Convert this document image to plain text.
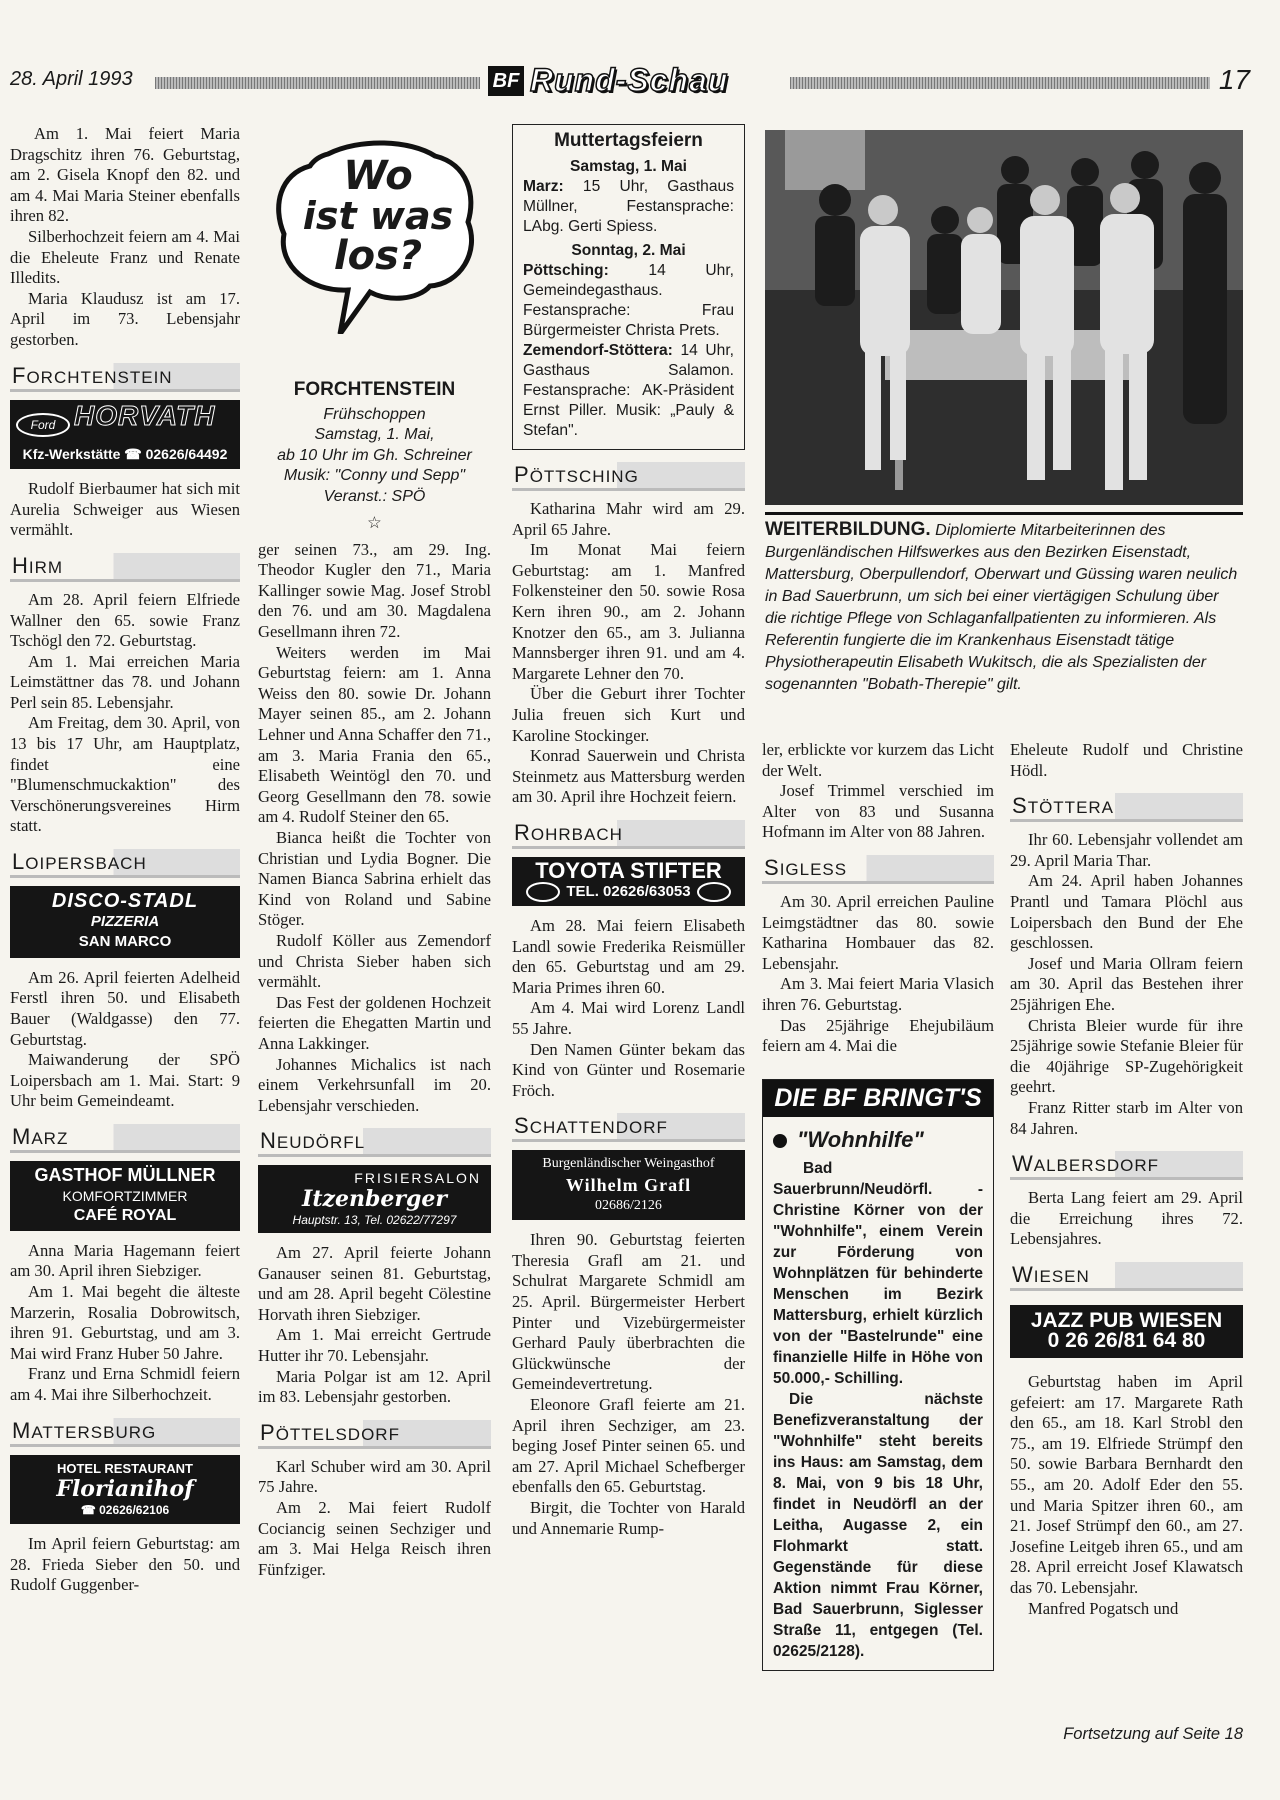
28. April 1993	BF Rund-Schau	17

Am 1. Mai feiert Maria Dragschitz ihren 76. Geburtstag, am 2. Gisela Knopf den 82. und am 4. Mai Maria Steiner ebenfalls ihren 82.

Silberhochzeit feiern am 4. Mai die Eheleute Franz und Renate Illedits.

Maria Klaudusz ist am 17. April im 73. Lebensjahr gestorben.

FORCHTENSTEIN
Ford HORVATH
Kfz-Werkstätte ☎ 02626/64492

Rudolf Bierbaumer hat sich mit Aurelia Schweiger aus Wiesen vermählt.

HIRM

Am 28. April feiern Elfriede Wallner den 65. sowie Franz Tschögl den 72. Geburtstag.

Am 1. Mai erreichen Maria Leimstättner das 78. und Johann Perl sein 85. Lebensjahr.

Am Freitag, dem 30. April, von 13 bis 17 Uhr, am Hauptplatz, findet eine "Blumenschmuckaktion" des Verschönerungsvereines Hirm statt.

LOIPERSBACH
DISCO-STADL
PIZZERIA
SAN MARCO

Am 26. April feierten Adelheid Ferstl ihren 50. und Elisabeth Bauer (Waldgasse) den 77. Geburtstag.

Maiwanderung der SPÖ Loipersbach am 1. Mai. Start: 9 Uhr beim Gemeindeamt.

MARZ
GASTHOF MÜLLNER
KOMFORTZIMMER
CAFÉ ROYAL

Anna Maria Hagemann feiert am 30. April ihren Siebziger.

Am 1. Mai begeht die älteste Marzerin, Rosalia Dobrowitsch, ihren 91. Geburtstag, und am 3. Mai wird Franz Huber 50 Jahre.

Franz und Erna Schmidl feiern am 4. Mai ihre Silberhochzeit.

MATTERSBURG
HOTEL RESTAURANT
Florianihof
☎ 02626/62106

Im April feiern Geburtstag: am 28. Frieda Sieber den 50. und Rudolf Guggenber-

Wo
ist was
los?
FORCHTENSTEIN
Frühschoppen
Samstag, 1. Mai,
ab 10 Uhr im Gh. Schreiner
Musik: "Conny und Sepp"
Veranst.: SPÖ
☆

ger seinen 73., am 29. Ing. Theodor Kugler den 71., Maria Kallinger sowie Mag. Josef Strobl den 76. und am 30. Magdalena Gesellmann ihren 72.

Weiters werden im Mai Geburtstag feiern: am 1. Anna Weiss den 80. sowie Dr. Johann Mayer seinen 85., am 2. Johann Lehner und Anna Schaffer den 71., am 3. Maria Frania den 65., Elisabeth Weintögl den 70. und Georg Gesellmann den 78. sowie am 4. Rudolf Steiner den 65.

Bianca heißt die Tochter von Christian und Lydia Bogner. Die Namen Bianca Sabrina erhielt das Kind von Roland und Sabine Stöger.

Rudolf Köller aus Zemendorf und Christa Sieber haben sich vermählt.

Das Fest der goldenen Hochzeit feierten die Ehegatten Martin und Anna Lakkinger.

Johannes Michalics ist nach einem Verkehrsunfall im 20. Lebensjahr verschieden.

NEUDÖRFL
FRISIERSALON
Itzenberger
Hauptstr. 13, Tel. 02622/77297

Am 27. April feierte Johann Ganauser seinen 81. Geburtstag, und am 28. April begeht Cölestine Horvath ihren Siebziger.

Am 1. Mai erreicht Gertrude Hutter ihr 70. Lebensjahr.

Maria Polgar ist am 12. April im 83. Lebensjahr gestorben.

PÖTTELSDORF

Karl Schuber wird am 30. April 75 Jahre.

Am 2. Mai feiert Rudolf Cociancig seinen Sechziger und am 3. Mai Helga Reisch ihren Fünfziger.

Muttertagsfeiern
Samstag, 1. Mai

Marz: 15 Uhr, Gasthaus Müllner, Festansprache: LAbg. Gerti Spiess.

Sonntag, 2. Mai

Pöttsching: 14 Uhr, Gemeindegasthaus. Festansprache: Frau Bürgermeister Christa Prets.

Zemendorf-Stöttera: 14 Uhr, Gasthaus Salamon. Festansprache: AK-Präsident Ernst Piller. Musik: „Pauly & Stefan".

PÖTTSCHING

Katharina Mahr wird am 29. April 65 Jahre.

Im Monat Mai feiern Geburtstag: am 1. Manfred Folkensteiner den 50. sowie Rosa Kern ihren 90., am 2. Johann Knotzer den 65., am 3. Julianna Mannsberger ihren 91. und am 4. Margarete Lehner den 70.

Über die Geburt ihrer Tochter Julia freuen sich Kurt und Karoline Stockinger.

Konrad Sauerwein und Christa Steinmetz aus Mattersburg werden am 30. April ihre Hochzeit feiern.

ROHRBACH
TOYOTA STIFTER
TEL. 02626/63053

Am 28. Mai feiern Elisabeth Landl sowie Frederika Reismüller den 65. Geburtstag und am 29. Maria Primes ihren 60.

Am 4. Mai wird Lorenz Landl 55 Jahre.

Den Namen Günter bekam das Kind von Günter und Rosemarie Fröch.

SCHATTENDORF
Burgenländischer Weingasthof
Wilhelm Grafl
02686/2126

Ihren 90. Geburtstag feierten Theresia Grafl am 21. und Schulrat Margarete Schmidl am 25. April. Bürgermeister Herbert Pinter und Vizebürgermeister Gerhard Pauly überbrachten die Glückwünsche der Gemeindevertretung.

Eleonore Grafl feierte am 21. April ihren Sechziger, am 23. beging Josef Pinter seinen 65. und am 27. April Michael Schefberger ebenfalls den 65. Geburtstag.

Birgit, die Tochter von Harald und Annemarie Rump-

WEITERBILDUNG. Diplomierte Mitarbeiterinnen des Burgenländischen Hilfswerkes aus den Bezirken Eisenstadt, Mattersburg, Oberpullendorf, Oberwart und Güssing waren neulich in Bad Sauerbrunn, um sich bei einer viertägigen Schulung über die richtige Pflege von Schlaganfallpatienten zu informieren. Als Referentin fungierte die im Krankenhaus Eisenstadt tätige Physiotherapeutin Elisabeth Wukitsch, die als Spezialisten der sogenannten "Bobath-Therepie" gilt.

ler, erblickte vor kurzem das Licht der Welt.

Josef Trimmel verschied im Alter von 83 und Susanna Hofmann im Alter von 88 Jahren.

SIGLESS

Am 30. April erreichen Pauline Leimgstädtner das 80. sowie Katharina Hombauer das 82. Lebensjahr.

Am 3. Mai feiert Maria Vlasich ihren 76. Geburtstag.

Das 25jährige Ehejubiläum feiern am 4. Mai die

DIE BF BRINGT'S
"Wohnhilfe"

Bad Sauerbrunn/Neudörfl. - Christine Körner von der "Wohnhilfe", einem Verein zur Förderung von Wohnplätzen für behinderte Menschen im Bezirk Mattersburg, erhielt kürzlich von der "Bastelrunde" eine finanzielle Hilfe in Höhe von 50.000,- Schilling.

Die nächste Benefizveranstaltung der "Wohnhilfe" steht bereits ins Haus: am Samstag, dem 8. Mai, von 9 bis 18 Uhr, findet in Neudörfl an der Leitha, Augasse 2, ein Flohmarkt statt. Gegenstände für diese Aktion nimmt Frau Körner, Bad Sauerbrunn, Siglesser Straße 11, entgegen (Tel. 02625/2128).

Eheleute Rudolf und Christine Hödl.

STÖTTERA

Ihr 60. Lebensjahr vollendet am 29. April Maria Thar.

Am 24. April haben Johannes Prantl und Tamara Plöchl aus Loipersbach den Bund der Ehe geschlossen.

Josef und Maria Ollram feiern am 30. April das Bestehen ihrer 25jährigen Ehe.

Christa Bleier wurde für ihre 25jährige sowie Stefanie Bleier für die 40jährige SP-Zugehörigkeit geehrt.

Franz Ritter starb im Alter von 84 Jahren.

WALBERSDORF

Berta Lang feiert am 29. April die Erreichung ihres 72. Lebensjahres.

WIESEN
JAZZ PUB WIESEN
0 26 26/81 64 80

Geburtstag haben im April gefeiert: am 17. Margarete Rath den 65., am 18. Karl Strobl den 75., am 19. Elfriede Strümpf den 50. sowie Barbara Bernhardt den 55., am 20. Adolf Eder den 55. und Maria Spitzer ihren 60., am 21. Josef Strümpf den 60., am 27. Josefine Leitgeb ihren 65., und am 28. April erreicht Josef Klawatsch das 70. Lebensjahr.

Manfred Pogatsch und

Fortsetzung auf Seite 18
